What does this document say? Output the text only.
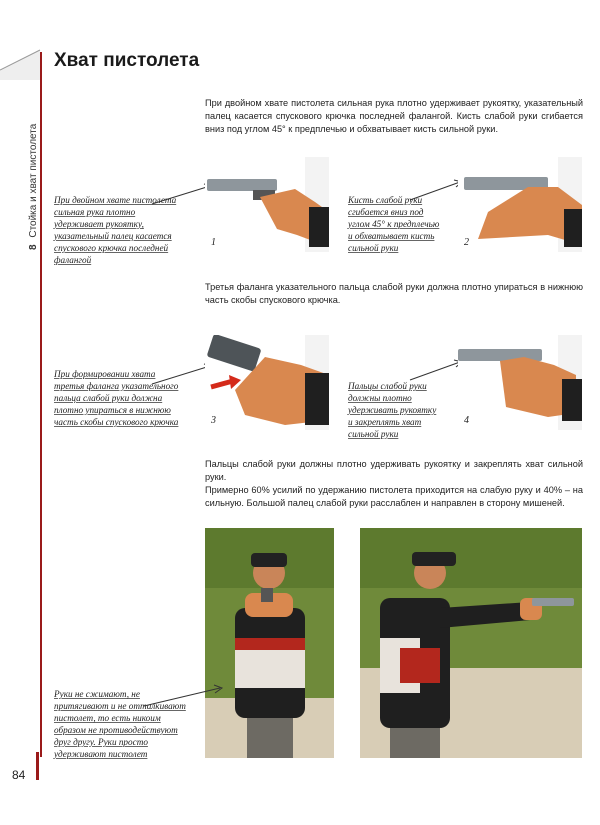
8 Стойка и хват пистолета
Хват пистолета
При двойном хвате пистолета сильная рука плотно удерживает рукоятку, указательный палец касается спускового крючка последней фалангой. Кисть слабой руки сгибается вниз под углом 45° к предплечью и обхватывает кисть сильной руки.
При двойном хвате пистолета сильная рука плотно удерживает рукоятку, указательный палец касается спускового крючка последней фалангой
1
Кисть слабой руки сгибается вниз под углом 45° к предплечью и обхватывает кисть сильной руки	2
Третья фаланга указательного пальца слабой руки должна плотно упираться в нижнюю часть скобы спускового крючка.
При формировании хвата третья фаланга указательного пальца слабой руки должна плотно упираться в нижнюю часть скобы спускового крючка	3
Пальцы слабой руки должны плотно удерживать рукоятку и закреплять хват сильной руки
4
Пальцы слабой руки должны плотно удерживать рукоятку и закреплять хват сильной руки.
Примерно 60% усилий по удержанию пистолета приходится на слабую руку и 40% – на сильную. Большой палец слабой руки расслаблен и направлен в сторону мишеней.
Руки не сжимают, не притягивают и не отталкивают пистолет, то есть никоим образом не противодействуют друг другу. Руки просто удерживают пистолет
84
